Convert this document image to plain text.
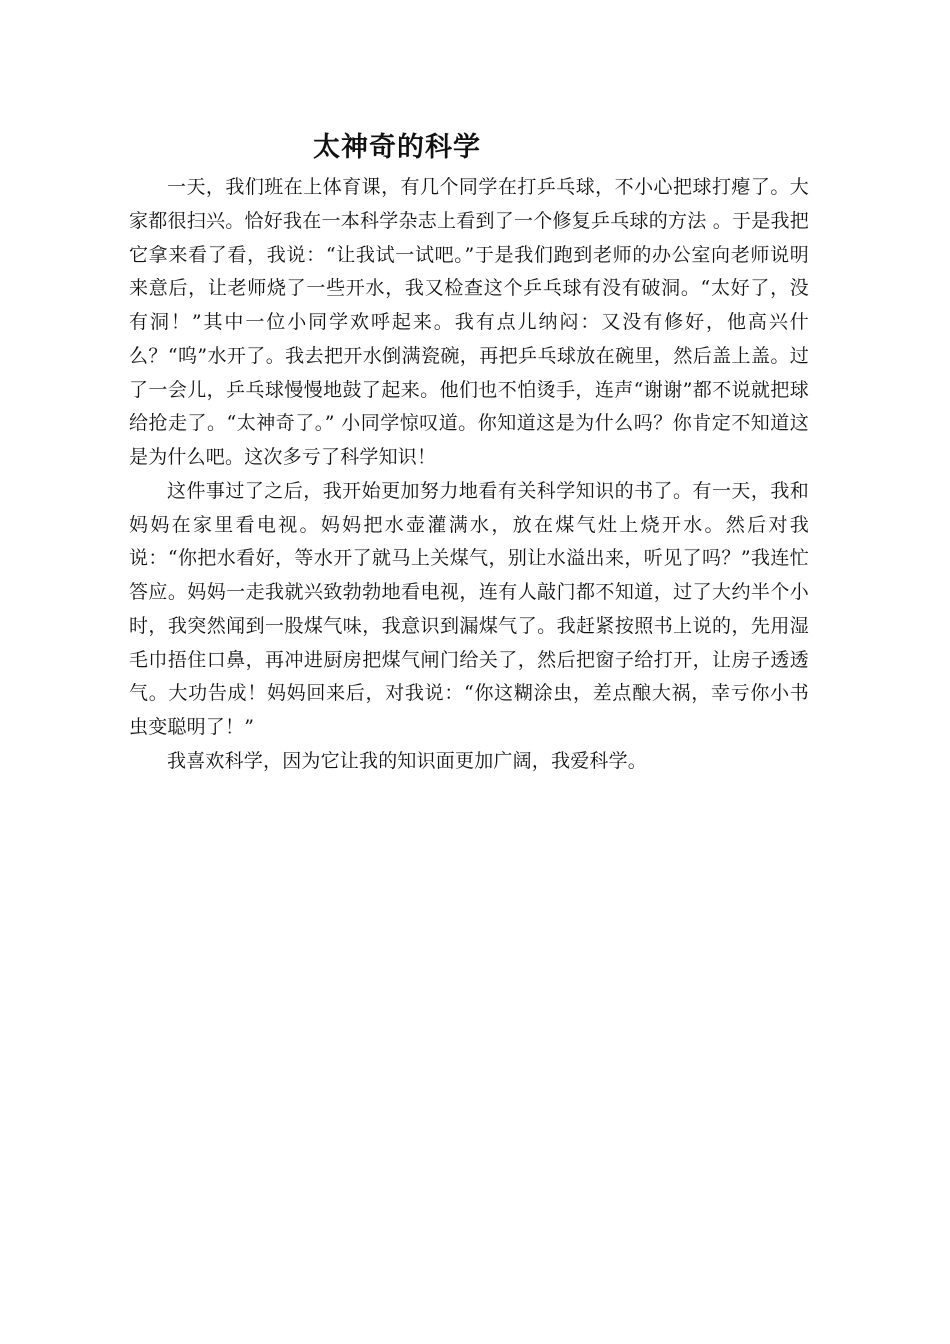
太神奇的科学

一天，我们班在上体育课，有几个同学在打乒乓球，不小心把球打瘪了。大家都很扫兴。恰好我在一本科学杂志上看到了一个修复乒乓球的方法 。于是我把它拿来看了看，我说：“让我试一试吧。”于是我们跑到老师的办公室向老师说明来意后，让老师烧了一些开水，我又检查这个乒乓球有没有破洞。“太好了，没有洞！”其中一位小同学欢呼起来。我有点儿纳闷：又没有修好，他高兴什么？“呜”水开了。我去把开水倒满瓷碗，再把乒乓球放在碗里，然后盖上盖。过了一会儿，乒乓球慢慢地鼓了起来。他们也不怕烫手，连声“谢谢”都不说就把球给抢走了。“太神奇了。” 小同学惊叹道。你知道这是为什么吗？你肯定不知道这是为什么吧。这次多亏了科学知识！

这件事过了之后，我开始更加努力地看有关科学知识的书了。有一天，我和妈妈在家里看电视。妈妈把水壶灌满水，放在煤气灶上烧开水。然后对我说：“你把水看好，等水开了就马上关煤气，别让水溢出来，听见了吗？”我连忙答应。妈妈一走我就兴致勃勃地看电视，连有人敲门都不知道，过了大约半个小时，我突然闻到一股煤气味，我意识到漏煤气了。我赶紧按照书上说的，先用湿毛巾捂住口鼻，再冲进厨房把煤气闸门给关了，然后把窗子给打开，让房子透透气。大功告成！妈妈回来后，对我说：“你这糊涂虫，差点酿大祸，幸亏你小书虫变聪明了！”

我喜欢科学，因为它让我的知识面更加广阔，我爱科学。
